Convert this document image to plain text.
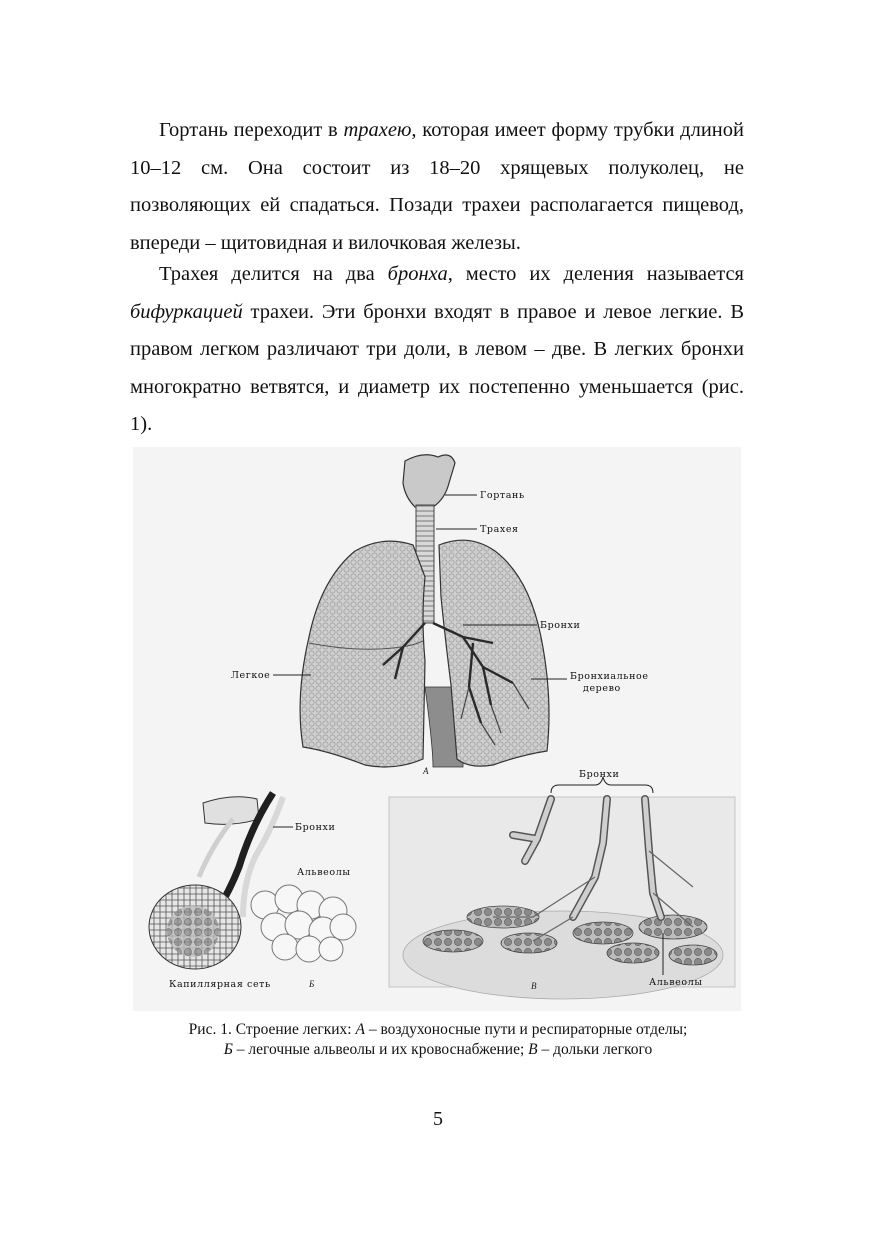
Гортань переходит в трахею, которая имеет форму трубки длиной 10–12 см. Она состоит из 18–20 хрящевых полуколец, не позволяющих ей спадаться. Позади трахеи располагается пищевод, впереди – щитовидная и вилочковая железы.

Трахея делится на два бронха, место их деления называется бифуркацией трахеи. Эти бронхи входят в правое и левое легкие. В правом легком различают три доли, в левом – две. В легких бронхи многократно ветвятся, и диаметр их постепенно уменьшается (рис. 1).

Гортань
Трахея
Бронхи
Легкое	Бронхиальное
дерево
А
Бронхи
Альвеолы
Капиллярная сеть	Б
Бронхи
Альвеолы
В
Рис. 1. Строение легких: А – воздухоносные пути и респираторные отделы;
Б – легочные альвеолы и их кровоснабжение; В – дольки легкого
5
